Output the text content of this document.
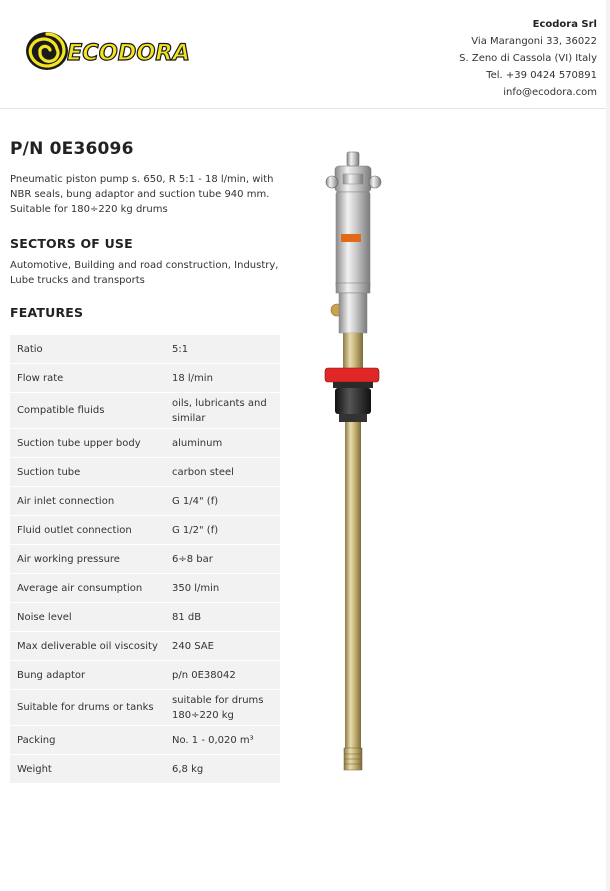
ECODORA
Ecodora Srl
Via Marangoni 33, 36022
S. Zeno di Cassola (VI) Italy
Tel. +39 0424 570891
info@ecodora.com
P/N 0E36096

Pneumatic piston pump s. 650, R 5:1 - 18 l/min, with NBR seals, bung adaptor and suction tube 940 mm. Suitable for 180÷220 kg drums

SECTORS OF USE

Automotive, Building and road construction, Industry, Lube trucks and transports

FEATURES
Ratio	5:1
Flow rate	18 l/min
Compatible fluids	oils, lubricants and similar
Suction tube upper body	aluminum
Suction tube	carbon steel
Air inlet connection	G 1/4" (f)
Fluid outlet connection	G 1/2" (f)
Air working pressure	6÷8 bar
Average air consumption	350 l/min
Noise level	81 dB
Max deliverable oil viscosity	240 SAE
Bung adaptor	p/n 0E38042
Suitable for drums or tanks	suitable for drums 180÷220 kg
Packing	No. 1 - 0,020 m³
Weight	6,8 kg
